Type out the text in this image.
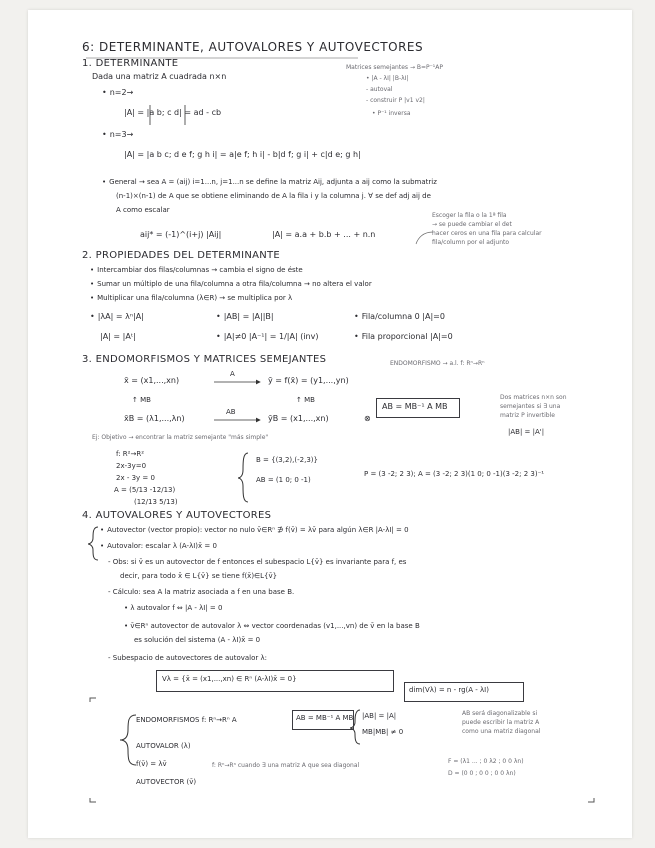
6: DETERMINANTE, AUTOVALORES Y AUTOVECTORES
Matrices semejantes → B=P⁻¹AP
• |A - λI| |B-λI|
- autoval
- construir P |v1 v2|
• P⁻¹ inversa
1. DETERMINANTE
Dada una matriz A cuadrada n×n
• n=2→
|A| = |a b; c d| = ad - cb
• n=3→
|A| = |a b c; d e f; g h i| = a|e f; h i| - b|d f; g i| + c|d e; g h|
• General → sea A = (aij) i=1...n, j=1...n se define la matriz Aij, adjunta a aij como la submatriz
(n-1)×(n-1) de A que se obtiene eliminando de A la fila i y la columna j. ∀ se def adj aij de
A como escalar
aij* = (-1)^(i+j) |Aij|	|A| = a.a + b.b + ... + n.n
Escoger la fila o la 1ª fila
→ se puede cambiar el det
hacer ceros en una fila para calcular
fila/column por el adjunto
2. PROPIEDADES DEL DETERMINANTE
• Intercambiar dos filas/columnas → cambia el signo de éste
• Sumar un múltiplo de una fila/columna a otra fila/columna → no altera el valor
• Multiplicar una fila/columna (λ∈R) → se multiplica por λ
• |λA| = λⁿ|A|	• |AB| = |A||B|	• Fila/columna 0 |A|=0
|A| = |Aᵗ|	• |A|≠0 |A⁻¹| = 1/|A| (inv)	• Fila proporcional |A|=0
3. ENDOMORFISMOS Y MATRICES SEMEJANTES	ENDOMORFISMO → a.l. f: Rⁿ→Rⁿ
x̄ = (x1,...,xn)
A
ȳ = f(x̄) = (y1,...,yn)
↑ MB	↑ MB
x̄B = (λ1,...,λn)
AB
ȳB = (x1,...,xn)
AB = MB⁻¹ A MB
⊗
Dos matrices n×n son
semejantes si ∃ una
matriz P invertible
|AB| = |A'|
Ej: Objetivo → encontrar la matriz semejante "más simple"
f: R²→R²
2x-3y=0
2x - 3y = 0
A = (5/13 -12/13)
(12/13 5/13)
B = {(3,2),(-2,3)}
AB = (1 0; 0 -1)
P = (3 -2; 2 3); A = (3 -2; 2 3)(1 0; 0 -1)(3 -2; 2 3)⁻¹
4. AUTOVALORES Y AUTOVECTORES
• Autovector (vector propio): vector no nulo v̄∈Rⁿ ∌ f(v̄) = λv̄ para algún λ∈R |A-λI| = 0
• Autovalor: escalar λ (A-λI)x̄ = 0
- Obs: si v̄ es un autovector de f entonces el subespacio L{v̄} es invariante para f, es
decir, para todo x̄ ∈ L{v̄} se tiene f(x̄)∈L{v̄}
- Cálculo: sea A la matriz asociada a f en una base B.
• λ autovalor f ⇔ |A - λI| = 0
• v̄∈Rⁿ autovector de autovalor λ ⇔ vector coordenadas (v1,...,vn) de v̄ en la base B
es solución del sistema (A - λI)x̄ = 0
- Subespacio de autovectores de autovalor λ:
Vλ = {x̄ = (x1,...,xn) ∈ Rⁿ (A-λI)x̄ = 0}
dim(Vλ) = n - rg(A - λI)
ENDOMORFISMOS f: Rⁿ→Rⁿ A	AB = MB⁻¹ A MB |AB| = |A|
MB|MB| ≠ 0
AB será diagonalizable si
puede escribir la matriz A
como una matriz diagonal
AUTOVALOR (λ)
f(v̄) = λv̄	f: Rⁿ→Rⁿ cuando ∃ una matriz A que sea diagonal
F = (λ1 ... ; 0 λ2 ; 0 0 λn)
D = (0 0 ; 0 0 ; 0 0 λn)
AUTOVECTOR (v̄)
